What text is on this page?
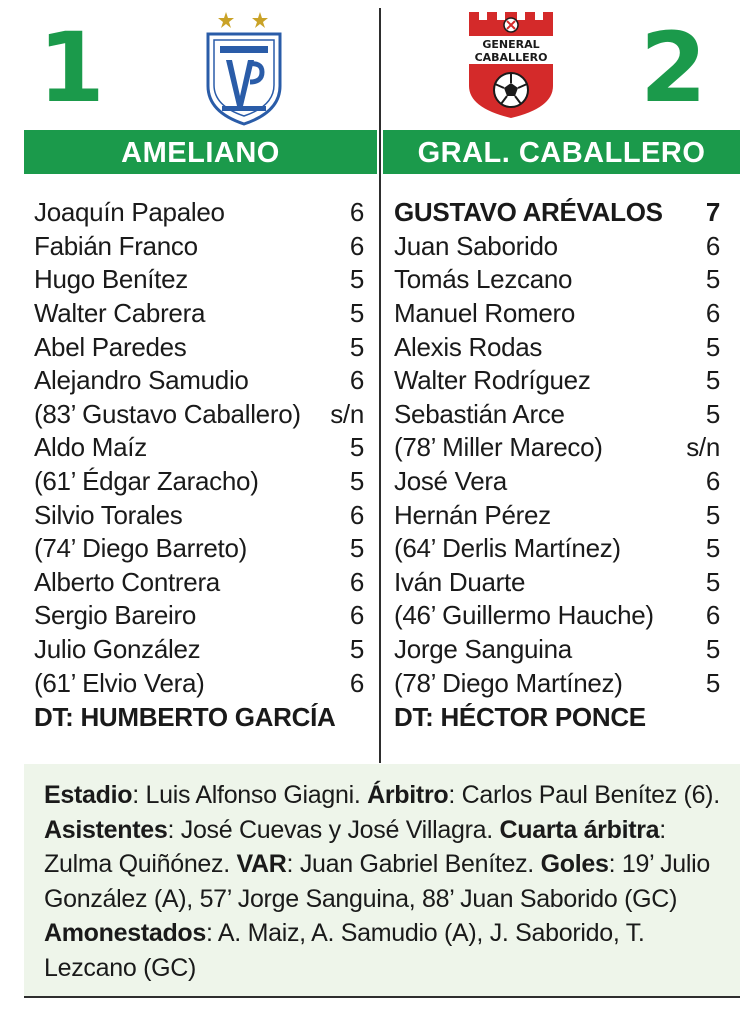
1	GENERAL
CABALLERO 2
AMELIANO	GRAL. CABALLERO
Joaquín Papaleo	6
Fabián Franco	6
Hugo Benítez	5
Walter Cabrera	5
Abel Paredes	5
Alejandro Samudio	6
(83’ Gustavo Caballero) s/n
Aldo Maíz	5
(61’ Édgar Zaracho)	5
Silvio Torales	6
(74’ Diego Barreto)	5
Alberto Contrera	6
Sergio Bareiro	6
Julio González	5
(61’ Elvio Vera)	6
DT: HUMBERTO GARCÍA
GUSTAVO ARÉVALOS 7
Juan Saborido	6
Tomás Lezcano	5
Manuel Romero	6
Alexis Rodas	5
Walter Rodríguez	5
Sebastián Arce	5
(78’ Miller Mareco)	s/n
José Vera	6
Hernán Pérez	5
(64’ Derlis Martínez)	5
Iván Duarte	5
(46’ Guillermo Hauche) 6
Jorge Sanguina	5
(78’ Diego Martínez)	5
DT: HÉCTOR PONCE
Estadio: Luis Alfonso Giagni. Árbitro: Carlos Paul Benítez (6). Asistentes: José Cuevas y José Villagra. Cuarta árbitra: Zulma Quiñónez. VAR: Juan Gabriel Benítez. Goles: 19’ Julio González (A), 57’ Jorge Sanguina, 88’ Juan Saborido (GC) Amonestados: A. Maiz, A. Samudio (A), J. Saborido, T. Lezcano (GC)
